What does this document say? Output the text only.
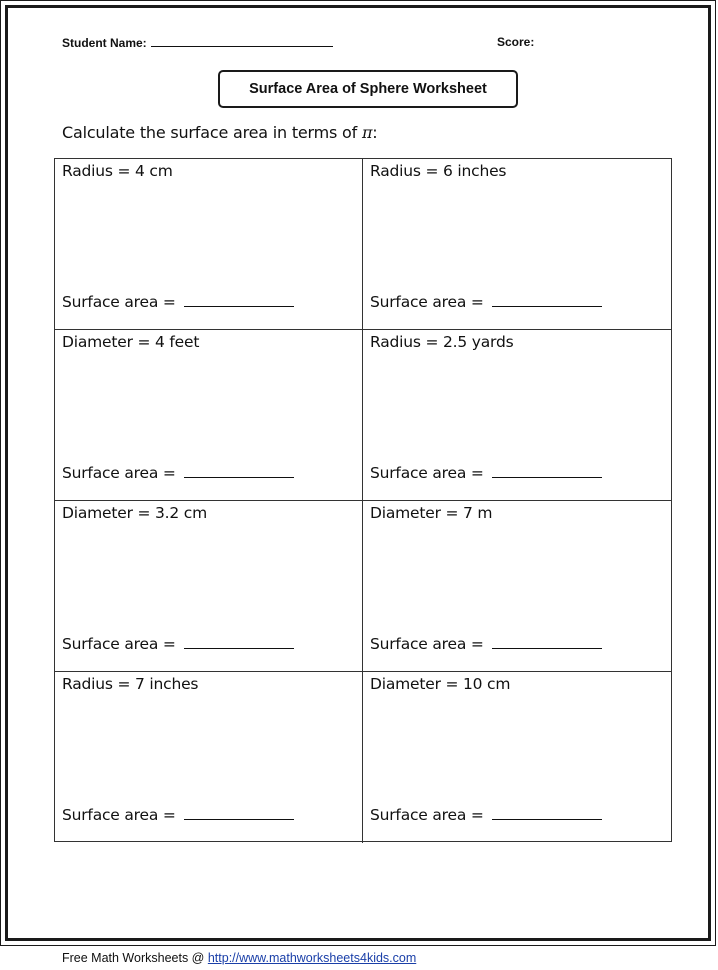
Student Name:	Score:
Surface Area of Sphere Worksheet
Calculate the surface area in terms of π:
Radius = 4 cm
Surface area =
Radius = 6 inches
Surface area =
Diameter = 4 feet
Surface area =
Radius = 2.5 yards
Surface area =
Diameter = 3.2 cm
Surface area =
Diameter = 7 m
Surface area =
Radius = 7 inches
Surface area =
Diameter = 10 cm
Surface area =
Free Math Worksheets @ http://www.mathworksheets4kids.com
